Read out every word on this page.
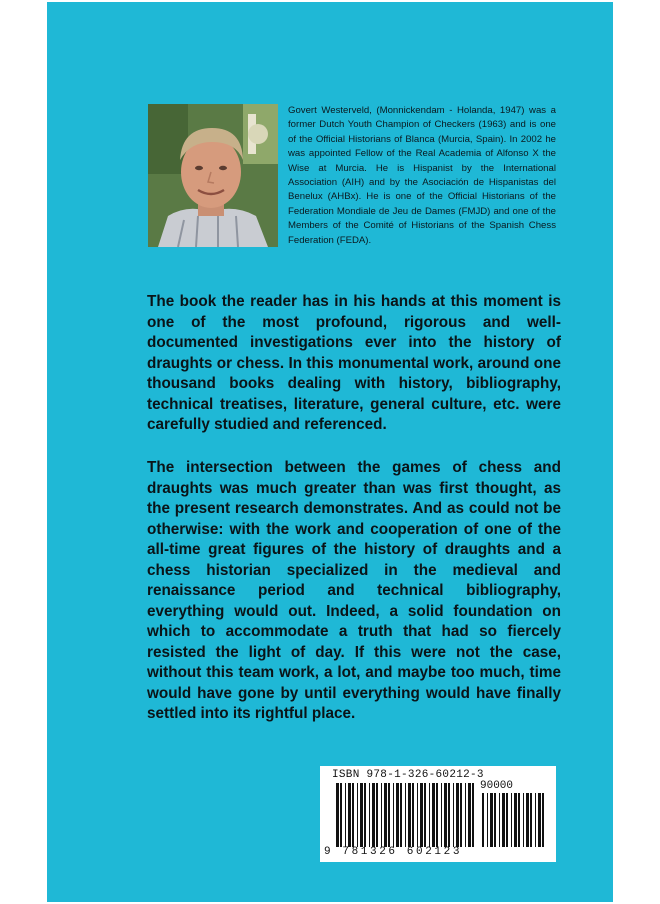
Govert Westerveld, (Monnickendam - Holanda, 1947) was a former Dutch Youth Champion of Checkers (1963) and is one of the Official Historians of Blanca (Murcia, Spain). In 2002 he was appointed Fellow of the Real Academia of Alfonso X the Wise at Murcia. He is Hispanist by the International Association (AIH) and by the Asociación de Hispanistas del Benelux (AHBx). He is one of the Official Historians of the Federation Mondiale de Jeu de Dames (FMJD) and one of the Members of the Comité of Historians of the Spanish Chess Federation (FEDA).

The book the reader has in his hands at this moment is one of the most profound, rigorous and well-documented investigations ever into the history of draughts or chess. In this monumental work, around one thousand books dealing with history, bibliography, technical treatises, literature, general culture, etc. were carefully studied and referenced.

The intersection between the games of chess and draughts was much greater than was first thought, as the present research demonstrates. And as could not be otherwise: with the work and cooperation of one of the all-time great figures of the history of draughts and a chess historian specialized in the medieval and renaissance period and technical bibliography, everything would out. Indeed, a solid foundation on which to accommodate a truth that had so fiercely resisted the light of day. If this were not the case, without this team work, a lot, and maybe too much, time would have gone by until everything would have finally settled into its rightful place.

ISBN 978-1-326-60212-3
90000
9 781326 602123
